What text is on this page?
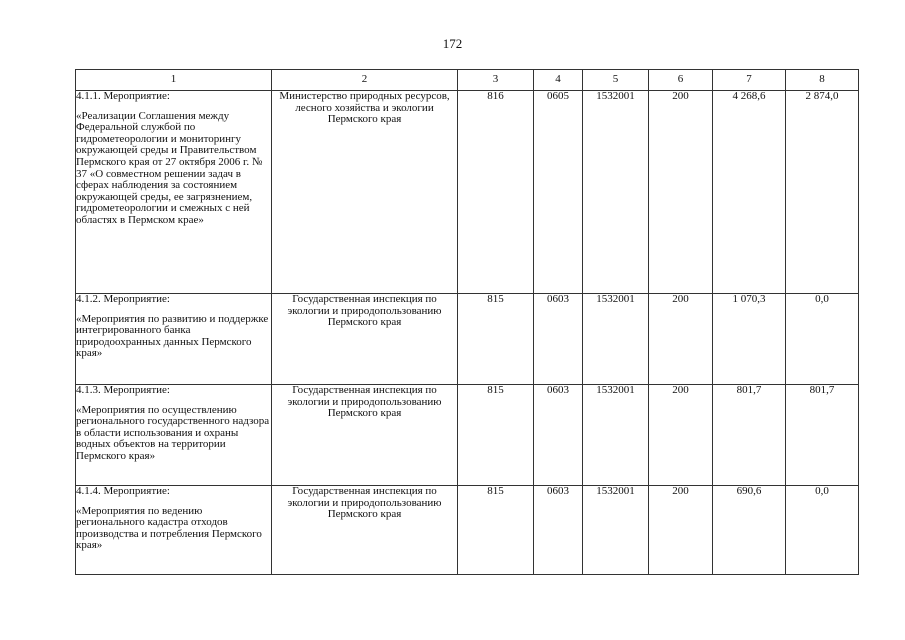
172
1	2	3	4	5	6	7	8

4.1.1. Мероприятие:
«Реализации Соглашения между Федеральной службой по гидрометеорологии и мониторингу окружающей среды и Правительством Пермского края от 27 октября 2006 г. № 37 «О совместном решении задач в сферах наблюдения за состоянием окружающей среды, ее загрязнением, гидрометеорологии и смежных с ней областях в Пермском крае»	Министерство природных ресурсов, лесного хозяйства и экологии Пермского края	816	0605	1532001	200	4 268,6	2 874,0

4.1.2. Мероприятие:
«Мероприятия по развитию и поддержке интегрированного банка природоохранных данных Пермского края»	Государственная инспекция по экологии и природопользованию Пермского края	815	0603	1532001	200	1 070,3	0,0

4.1.3. Мероприятие:
«Мероприятия по осуществлению регионального государственного надзора в области использования и охраны водных объектов на территории Пермского края»	Государственная инспекция по экологии и природопользованию Пермского края	815	0603	1532001	200	801,7	801,7

4.1.4. Мероприятие:
«Мероприятия по ведению регионального кадастра отходов производства и потребления Пермского края»	Государственная инспекция по экологии и природопользованию Пермского края	815	0603	1532001	200	690,6	0,0
